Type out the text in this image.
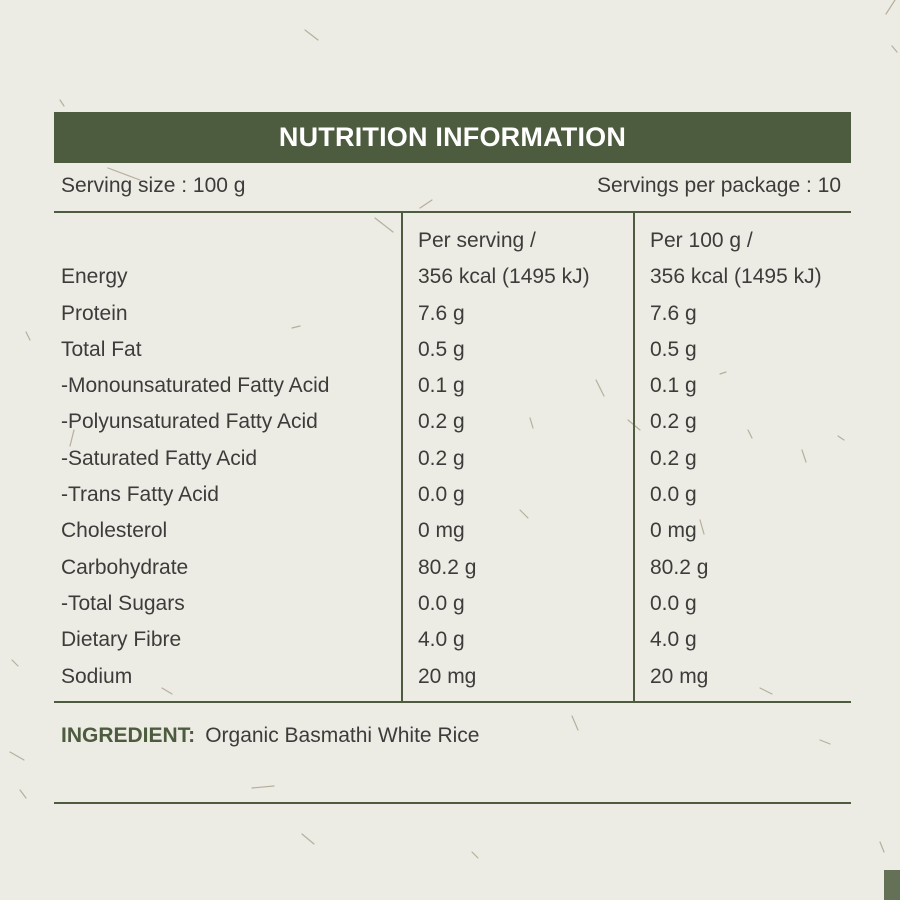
NUTRITION INFORMATION
Serving size : 100 g	Servings per package : 10
Energy
Protein
Total Fat
-Monounsaturated Fatty Acid
-Polyunsaturated Fatty Acid
-Saturated Fatty Acid
-Trans Fatty Acid
Cholesterol
Carbohydrate
-Total Sugars
Dietary Fibre
Sodium
Per serving /
356 kcal (1495 kJ)
7.6 g
0.5 g
0.1 g
0.2 g
0.2 g
0.0 g
0 mg
80.2 g
0.0 g
4.0 g
20 mg
Per 100 g /
356 kcal (1495 kJ)
7.6 g
0.5 g
0.1 g
0.2 g
0.2 g
0.0 g
0 mg
80.2 g
0.0 g
4.0 g
20 mg
INGREDIENT: Organic Basmathi White Rice
